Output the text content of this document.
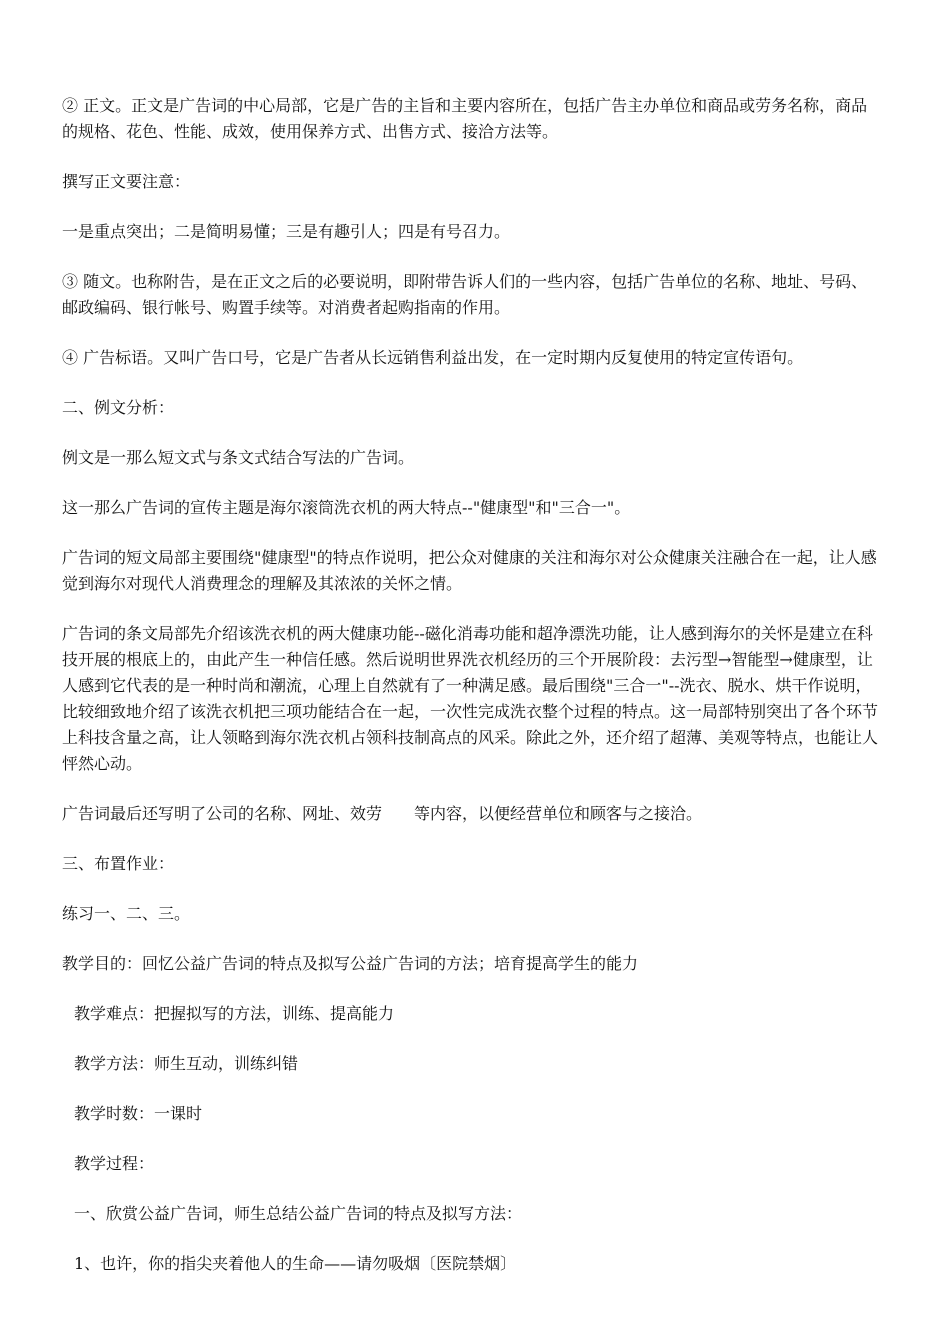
② 正文。正文是广告词的中心局部，它是广告的主旨和主要内容所在，包括广告主办单位和商品或劳务名称，商品的规格、花色、性能、成效，使用保养方式、出售方式、接洽方法等。

撰写正文要注意：

一是重点突出；二是简明易懂；三是有趣引人；四是有号召力。

③ 随文。也称附告，是在正文之后的必要说明，即附带告诉人们的一些内容，包括广告单位的名称、地址、号码、邮政编码、银行帐号、购置手续等。对消费者起购指南的作用。

④ 广告标语。又叫广告口号，它是广告者从长远销售利益出发，在一定时期内反复使用的特定宣传语句。

二、例文分析：

例文是一那么短文式与条文式结合写法的广告词。

这一那么广告词的宣传主题是海尔滚筒洗衣机的两大特点--"健康型"和"三合一"。

广告词的短文局部主要围绕"健康型"的特点作说明，把公众对健康的关注和海尔对公众健康关注融合在一起，让人感觉到海尔对现代人消费理念的理解及其浓浓的关怀之情。

广告词的条文局部先介绍该洗衣机的两大健康功能--磁化消毒功能和超净漂洗功能，让人感到海尔的关怀是建立在科技开展的根底上的，由此产生一种信任感。然后说明世界洗衣机经历的三个开展阶段：去污型→智能型→健康型，让人感到它代表的是一种时尚和潮流，心理上自然就有了一种满足感。最后围绕"三合一"--洗衣、脱水、烘干作说明，比较细致地介绍了该洗衣机把三项功能结合在一起，一次性完成洗衣整个过程的特点。这一局部特别突出了各个环节上科技含量之高，让人领略到海尔洗衣机占领科技制高点的风采。除此之外，还介绍了超薄、美观等特点，也能让人怦然心动。

广告词最后还写明了公司的名称、网址、效劳　　等内容，以便经营单位和顾客与之接洽。

三、布置作业：

练习一、二、三。

教学目的：回忆公益广告词的特点及拟写公益广告词的方法；培育提高学生的能力

教学难点：把握拟写的方法，训练、提高能力

教学方法：师生互动，训练纠错

教学时数：一课时

教学过程：

一、欣赏公益广告词，师生总结公益广告词的特点及拟写方法：

1、也许，你的指尖夹着他人的生命——请勿吸烟〔医院禁烟〕
